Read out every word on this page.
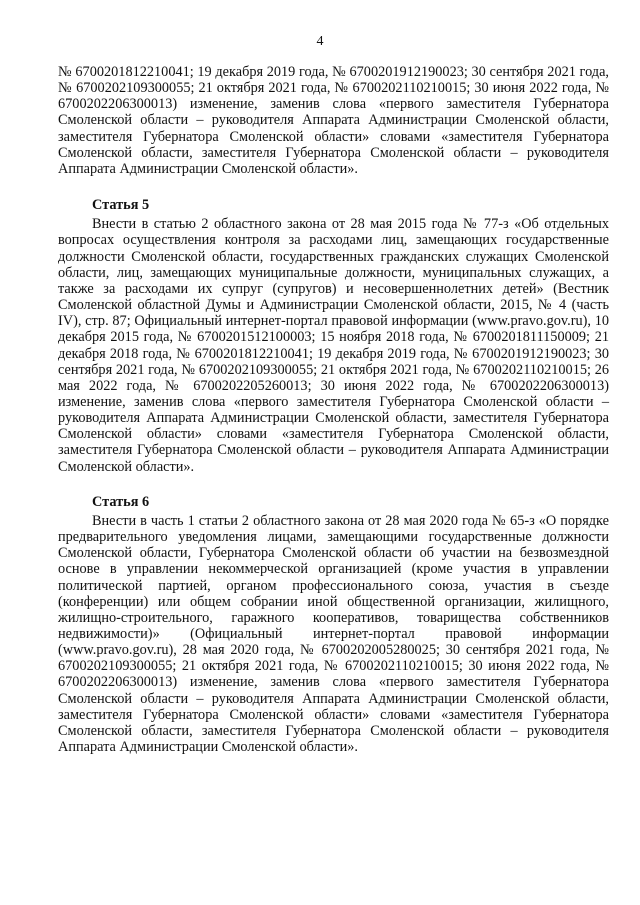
4

№ 6700201812210041; 19 декабря 2019 года, № 6700201912190023; 30 сентября 2021 года, № 6700202109300055; 21 октября 2021 года, № 6700202110210015; 30 июня 2022 года, № 6700202206300013) изменение, заменив слова «первого заместителя Губернатора Смоленской области – руководителя Аппарата Администрации Смоленской области, заместителя Губернатора Смоленской области» словами «заместителя Губернатора Смоленской области, заместителя Губернатора Смоленской области – руководителя Аппарата Администрации Смоленской области».

Статья 5

Внести в статью 2 областного закона от 28 мая 2015 года № 77-з «Об отдельных вопросах осуществления контроля за расходами лиц, замещающих государственные должности Смоленской области, государственных гражданских служащих Смоленской области, лиц, замещающих муниципальные должности, муниципальных служащих, а также за расходами их супруг (супругов) и несовершеннолетних детей» (Вестник Смоленской областной Думы и Администрации Смоленской области, 2015, № 4 (часть IV), стр. 87; Официальный интернет-портал правовой информации (www.pravo.gov.ru), 10 декабря 2015 года, № 6700201512100003; 15 ноября 2018 года, № 6700201811150009; 21 декабря 2018 года, № 6700201812210041; 19 декабря 2019 года, № 6700201912190023; 30 сентября 2021 года, № 6700202109300055; 21 октября 2021 года, № 6700202110210015; 26 мая 2022 года, № 6700202205260013; 30 июня 2022 года, № 6700202206300013) изменение, заменив слова «первого заместителя Губернатора Смоленской области – руководителя Аппарата Администрации Смоленской области, заместителя Губернатора Смоленской области» словами «заместителя Губернатора Смоленской области, заместителя Губернатора Смоленской области – руководителя Аппарата Администрации Смоленской области».

Статья 6

Внести в часть 1 статьи 2 областного закона от 28 мая 2020 года № 65-з «О порядке предварительного уведомления лицами, замещающими государственные должности Смоленской области, Губернатора Смоленской области об участии на безвозмездной основе в управлении некоммерческой организацией (кроме участия в управлении политической партией, органом профессионального союза, участия в съезде (конференции) или общем собрании иной общественной организации, жилищного, жилищно-строительного, гаражного кооперативов, товарищества собственников недвижимости)» (Официальный интернет-портал правовой информации (www.pravo.gov.ru), 28 мая 2020 года, № 6700202005280025; 30 сентября 2021 года, № 6700202109300055; 21 октября 2021 года, № 6700202110210015; 30 июня 2022 года, № 6700202206300013) изменение, заменив слова «первого заместителя Губернатора Смоленской области – руководителя Аппарата Администрации Смоленской области, заместителя Губернатора Смоленской области» словами «заместителя Губернатора Смоленской области, заместителя Губернатора Смоленской области – руководителя Аппарата Администрации Смоленской области».
